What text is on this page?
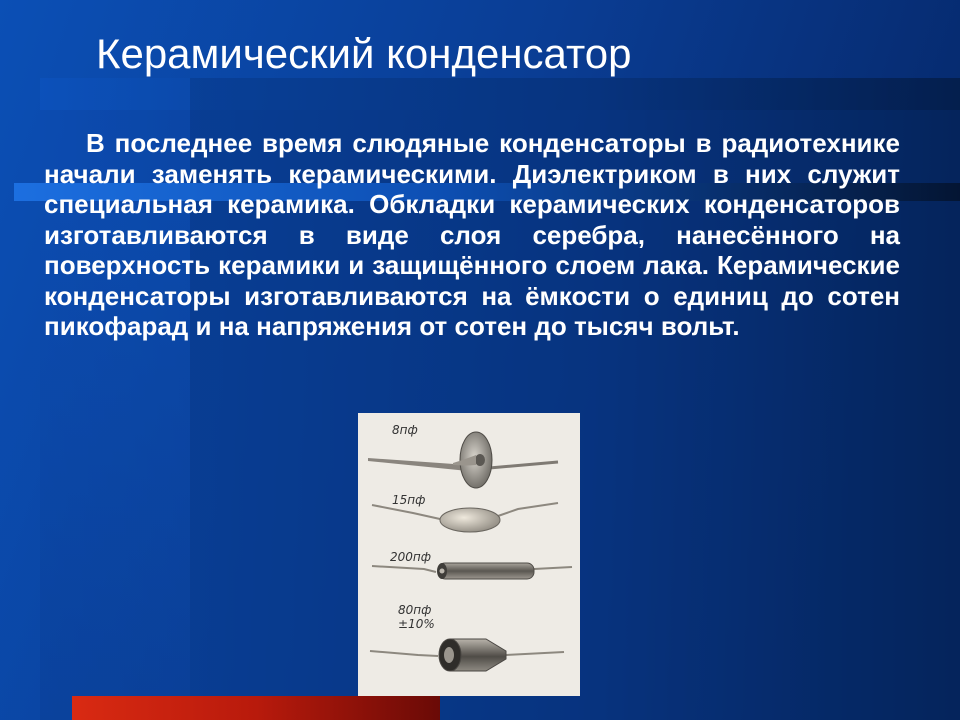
Керамический конденсатор

В последнее время слюдяные конденсаторы в радиотехнике начали заменять керамическими. Диэлектриком в них служит специальная керамика. Обкладки керамических конденсаторов изготавливаются в виде слоя серебра, нанесённого на поверхность керамики и защищённого слоем лака. Керамические конденсаторы изготавливаются на ёмкости о единиц до сотен пикофарад и на напряжения от сотен до тысяч вольт.

8пф
15пф
200пф
80пф
±10%
